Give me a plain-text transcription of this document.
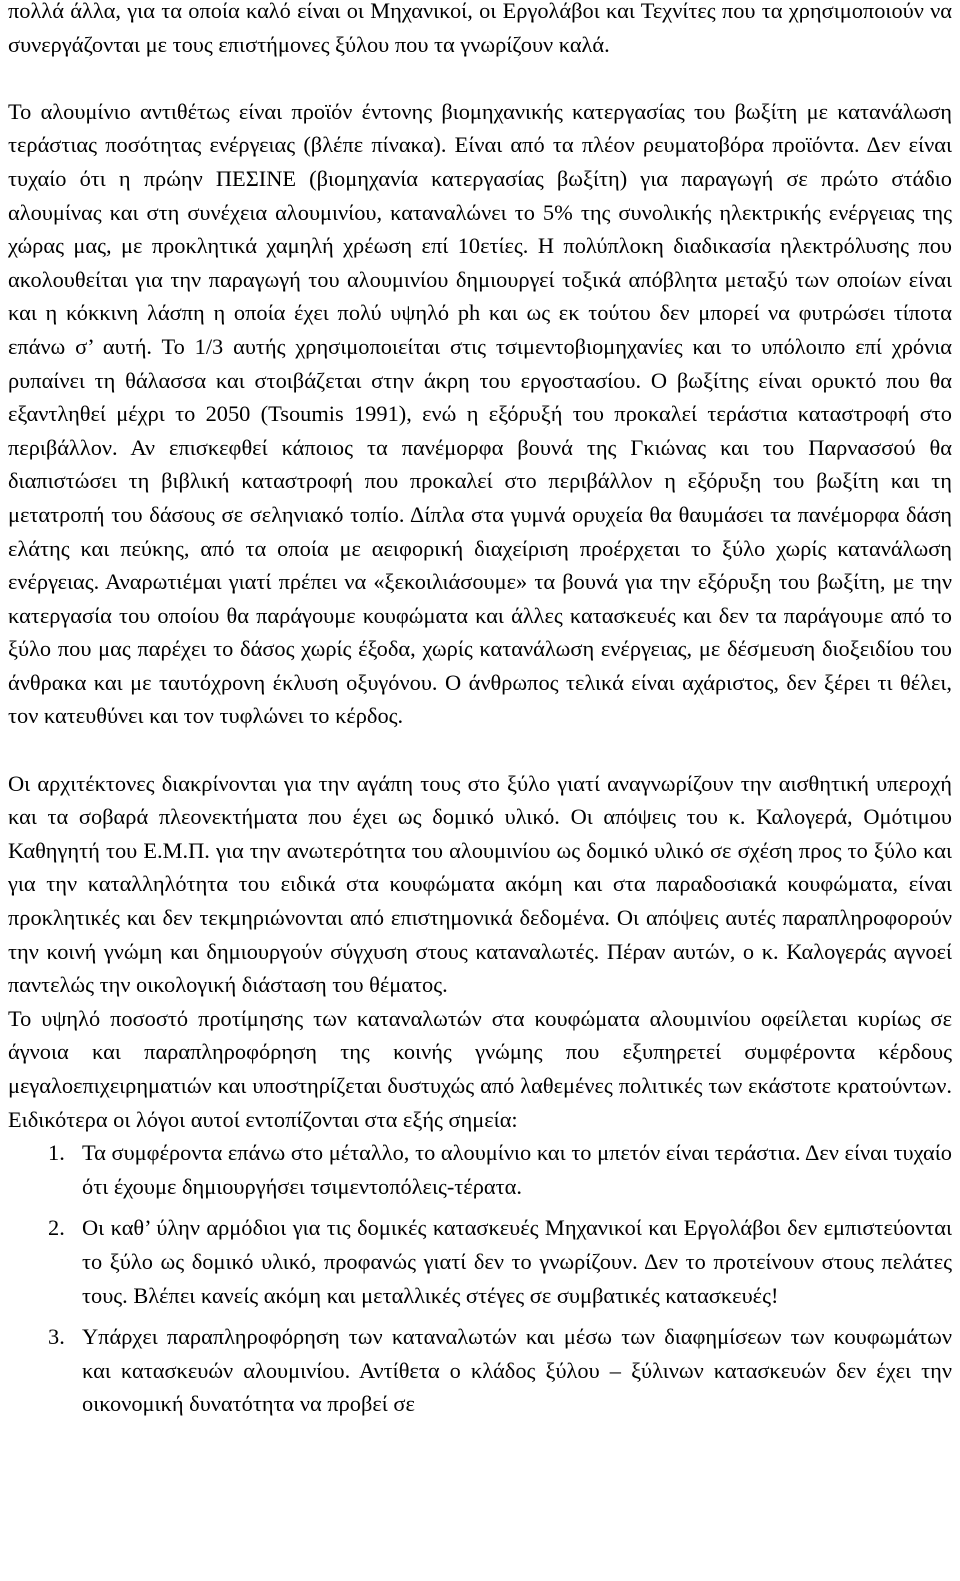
πολλά άλλα, για τα οποία καλό είναι οι Μηχανικοί, οι Εργολάβοι και Τεχνίτες που τα χρησιμοποιούν να συνεργάζονται με τους επιστήμονες ξύλου που τα γνωρίζουν καλά.

Το αλουμίνιο αντιθέτως είναι προϊόν έντονης βιομηχανικής κατεργασίας του βωξίτη με κατανάλωση τεράστιας ποσότητας ενέργειας (βλέπε πίνακα). Είναι από τα πλέον ρευματοβόρα προϊόντα. Δεν είναι τυχαίο ότι η πρώην ΠΕΣΙΝΕ (βιομηχανία κατεργασίας βωξίτη) για παραγωγή σε πρώτο στάδιο αλουμίνας και στη συνέχεια αλουμινίου, καταναλώνει το 5% της συνολικής ηλεκτρικής ενέργειας της χώρας μας, με προκλητικά χαμηλή χρέωση επί 10ετίες. Η πολύπλοκη διαδικασία ηλεκτρόλυσης που ακολουθείται για την παραγωγή του αλουμινίου δημιουργεί τοξικά απόβλητα μεταξύ των οποίων είναι και η κόκκινη λάσπη η οποία έχει πολύ υψηλό ph και ως εκ τούτου δεν μπορεί να φυτρώσει τίποτα επάνω σ’ αυτή. Το 1/3 αυτής χρησιμοποιείται στις τσιμεντοβιομηχανίες και το υπόλοιπο επί χρόνια ρυπαίνει τη θάλασσα και στοιβάζεται στην άκρη του εργοστασίου. Ο βωξίτης είναι ορυκτό που θα εξαντληθεί μέχρι το 2050 (Tsoumis 1991), ενώ η εξόρυξή του προκαλεί τεράστια καταστροφή στο περιβάλλον. Αν επισκεφθεί κάποιος τα πανέμορφα βουνά της Γκιώνας και του Παρνασσού θα διαπιστώσει τη βιβλική καταστροφή που προκαλεί στο περιβάλλον η εξόρυξη του βωξίτη και τη μετατροπή του δάσους σε σεληνιακό τοπίο. Δίπλα στα γυμνά ορυχεία θα θαυμάσει τα πανέμορφα δάση ελάτης και πεύκης, από τα οποία με αειφορική διαχείριση προέρχεται το ξύλο χωρίς κατανάλωση ενέργειας. Αναρωτιέμαι γιατί πρέπει να «ξεκοιλιάσουμε» τα βουνά για την εξόρυξη του βωξίτη, με την κατεργασία του οποίου θα παράγουμε κουφώματα και άλλες κατασκευές και δεν τα παράγουμε από το ξύλο που μας παρέχει το δάσος χωρίς έξοδα, χωρίς κατανάλωση ενέργειας, με δέσμευση διοξειδίου του άνθρακα και με ταυτόχρονη έκλυση οξυγόνου. Ο άνθρωπος τελικά είναι αχάριστος, δεν ξέρει τι θέλει, τον κατευθύνει και τον τυφλώνει το κέρδος.

Οι αρχιτέκτονες διακρίνονται για την αγάπη τους στο ξύλο γιατί αναγνωρίζουν την αισθητική υπεροχή και τα σοβαρά πλεονεκτήματα που έχει ως δομικό υλικό. Οι απόψεις του κ. Καλογερά, Ομότιμου Καθηγητή του Ε.Μ.Π. για την ανωτερότητα του αλουμινίου ως δομικό υλικό σε σχέση προς το ξύλο και για την καταλληλότητα του ειδικά στα κουφώματα ακόμη και στα παραδοσιακά κουφώματα, είναι προκλητικές και δεν τεκμηριώνονται από επιστημονικά δεδομένα. Οι απόψεις αυτές παραπληροφορούν την κοινή γνώμη και δημιουργούν σύγχυση στους καταναλωτές. Πέραν αυτών, ο κ. Καλογεράς αγνοεί παντελώς την οικολογική διάσταση του θέματος.

Το υψηλό ποσοστό προτίμησης των καταναλωτών στα κουφώματα αλουμινίου οφείλεται κυρίως σε άγνοια και παραπληροφόρηση της κοινής γνώμης που εξυπηρετεί συμφέροντα κέρδους μεγαλοεπιχειρηματιών και υποστηρίζεται δυστυχώς από λαθεμένες πολιτικές των εκάστοτε κρατούντων. Ειδικότερα οι λόγοι αυτοί εντοπίζονται στα εξής σημεία:

1. Τα συμφέροντα επάνω στο μέταλλο, το αλουμίνιο και το μπετόν είναι τεράστια. Δεν είναι τυχαίο ότι έχουμε δημιουργήσει τσιμεντοπόλεις-τέρατα.
2. Οι καθ’ ύλην αρμόδιοι για τις δομικές κατασκευές Μηχανικοί και Εργολάβοι δεν εμπιστεύονται το ξύλο ως δομικό υλικό, προφανώς γιατί δεν το γνωρίζουν. Δεν το προτείνουν στους πελάτες τους. Βλέπει κανείς ακόμη και μεταλλικές στέγες σε συμβατικές κατασκευές!
3. Υπάρχει παραπληροφόρηση των καταναλωτών και μέσω των διαφημίσεων των κουφωμάτων και κατασκευών αλουμινίου. Αντίθετα ο κλάδος ξύλου – ξύλινων κατασκευών δεν έχει την οικονομική δυνατότητα να προβεί σε
